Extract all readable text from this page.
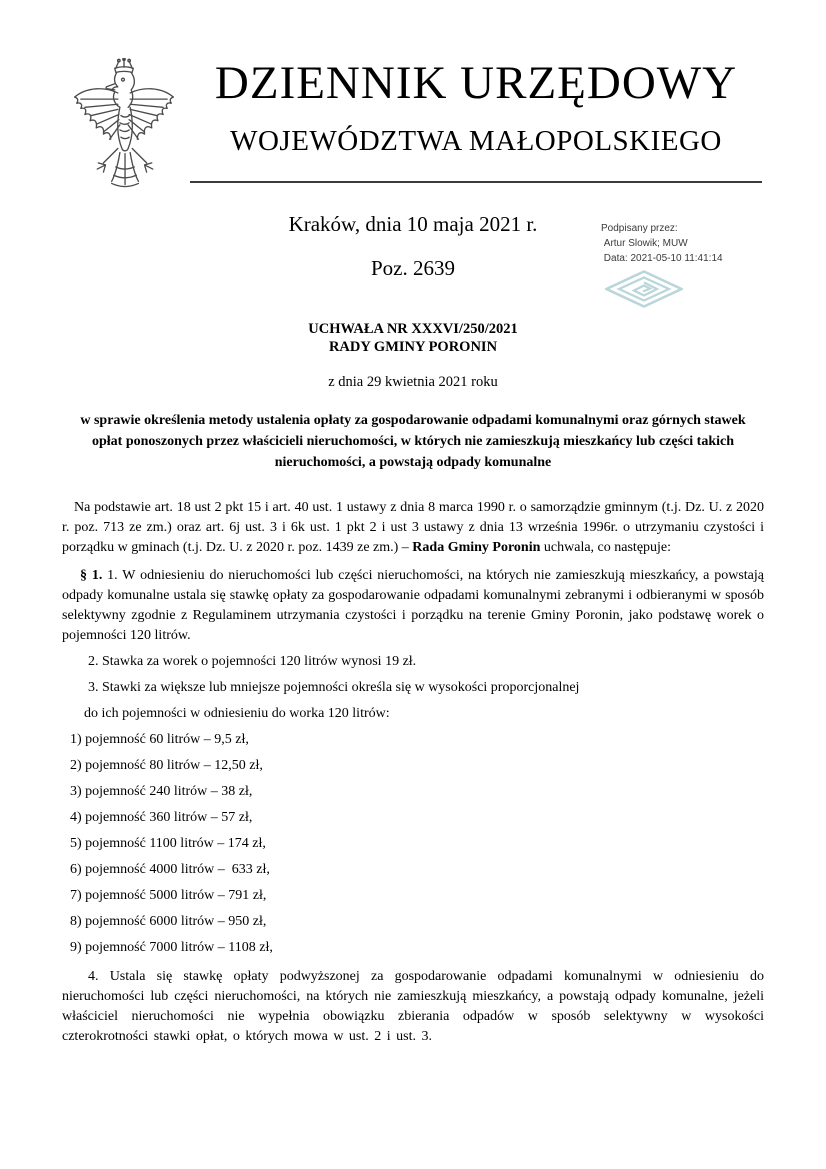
DZIENNIK URZĘDOWY
WOJEWÓDZTWA MAŁOPOLSKIEGO
Kraków, dnia 10 maja 2021 r.
Poz. 2639
Podpisany przez:
Artur Slowik; MUW
Data: 2021-05-10 11:41:14
UCHWAŁA NR XXXVI/250/2021
RADY GMINY PORONIN
z dnia 29 kwietnia 2021 roku
w sprawie określenia metody ustalenia opłaty za gospodarowanie odpadami komunalnymi oraz górnych stawek opłat ponoszonych przez właścicieli nieruchomości, w których nie zamieszkują mieszkańcy lub części takich nieruchomości, a powstają odpady komunalne

Na podstawie art. 18 ust 2 pkt 15 i art. 40 ust. 1 ustawy z dnia 8 marca 1990 r. o samorządzie gminnym (t.j. Dz. U. z 2020 r. poz. 713 ze zm.) oraz art. 6j ust. 3 i 6k ust. 1 pkt 2 i ust 3 ustawy z dnia 13 września 1996r. o utrzymaniu czystości i porządku w gminach (t.j. Dz. U. z 2020 r. poz. 1439 ze zm.) – Rada Gminy Poronin uchwala, co następuje:

§ 1. 1. W odniesieniu do nieruchomości lub części nieruchomości, na których nie zamieszkują mieszkańcy, a powstają odpady komunalne ustala się stawkę opłaty za gospodarowanie odpadami komunalnymi zebranymi i odbieranymi w sposób selektywny zgodnie z Regulaminem utrzymania czystości i porządku na terenie Gminy Poronin, jako podstawę worek o pojemności 120 litrów.

2. Stawka za worek o pojemności 120 litrów wynosi 19 zł.

3. Stawki za większe lub mniejsze pojemności określa się w wysokości proporcjonalnej

do ich pojemności w odniesieniu do worka 120 litrów:

1) pojemność 60 litrów – 9,5 zł,

2) pojemność 80 litrów – 12,50 zł,

3) pojemność 240 litrów – 38 zł,

4) pojemność 360 litrów – 57 zł,

5) pojemność 1100 litrów – 174 zł,

6) pojemność 4000 litrów –  633 zł,

7) pojemność 5000 litrów – 791 zł,

8) pojemność 6000 litrów – 950 zł,

9) pojemność 7000 litrów – 1108 zł,

4. Ustala się stawkę opłaty podwyższonej za gospodarowanie odpadami komunalnymi w odniesieniu do nieruchomości lub części nieruchomości, na których nie zamieszkują mieszkańcy, a powstają odpady komunalne, jeżeli właściciel nieruchomości nie wypełnia obowiązku zbierania odpadów w sposób selektywny w wysokości czterokrotności stawki opłat, o których mowa w ust. 2 i ust. 3.
